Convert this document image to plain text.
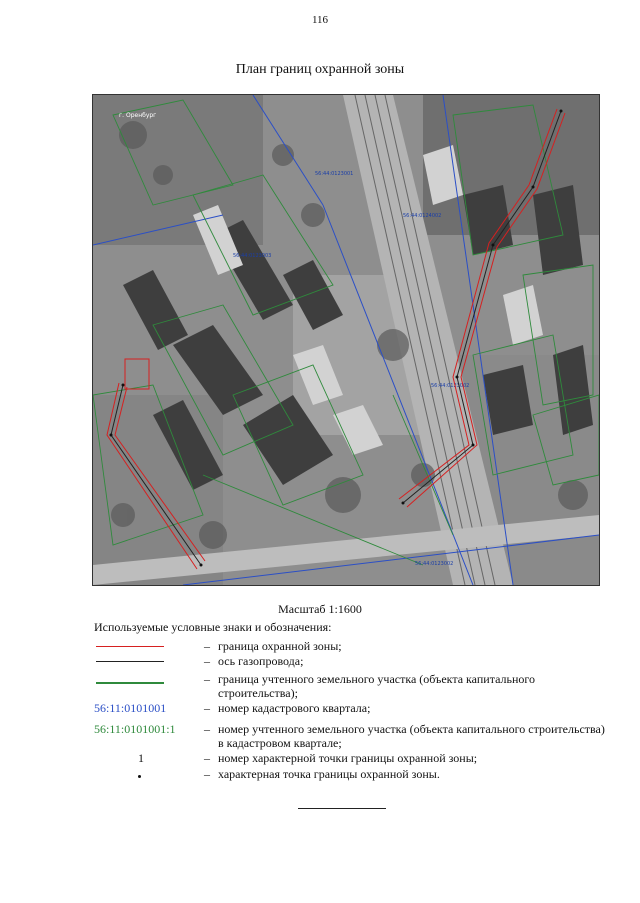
116
План границ охранной зоны
56:44:0123001
56:44:0124002
56:44:0123003
56:44:0123002
56:44:0123002
г. Оренбург
Масштаб 1:1600
Используемые условные знаки и обозначения:
– граница охранной зоны;
– ось газопровода;
– граница учтенного земельного участка (объекта капитального строительства);
56:11:0101001	– номер кадастрового квартала;
56:11:0101001:1	– номер учтенного земельного участка (объекта капитального строительства) в кадастровом квартале;
1	– номер характерной точки границы охранной зоны;
– характерная точка границы охранной зоны.
